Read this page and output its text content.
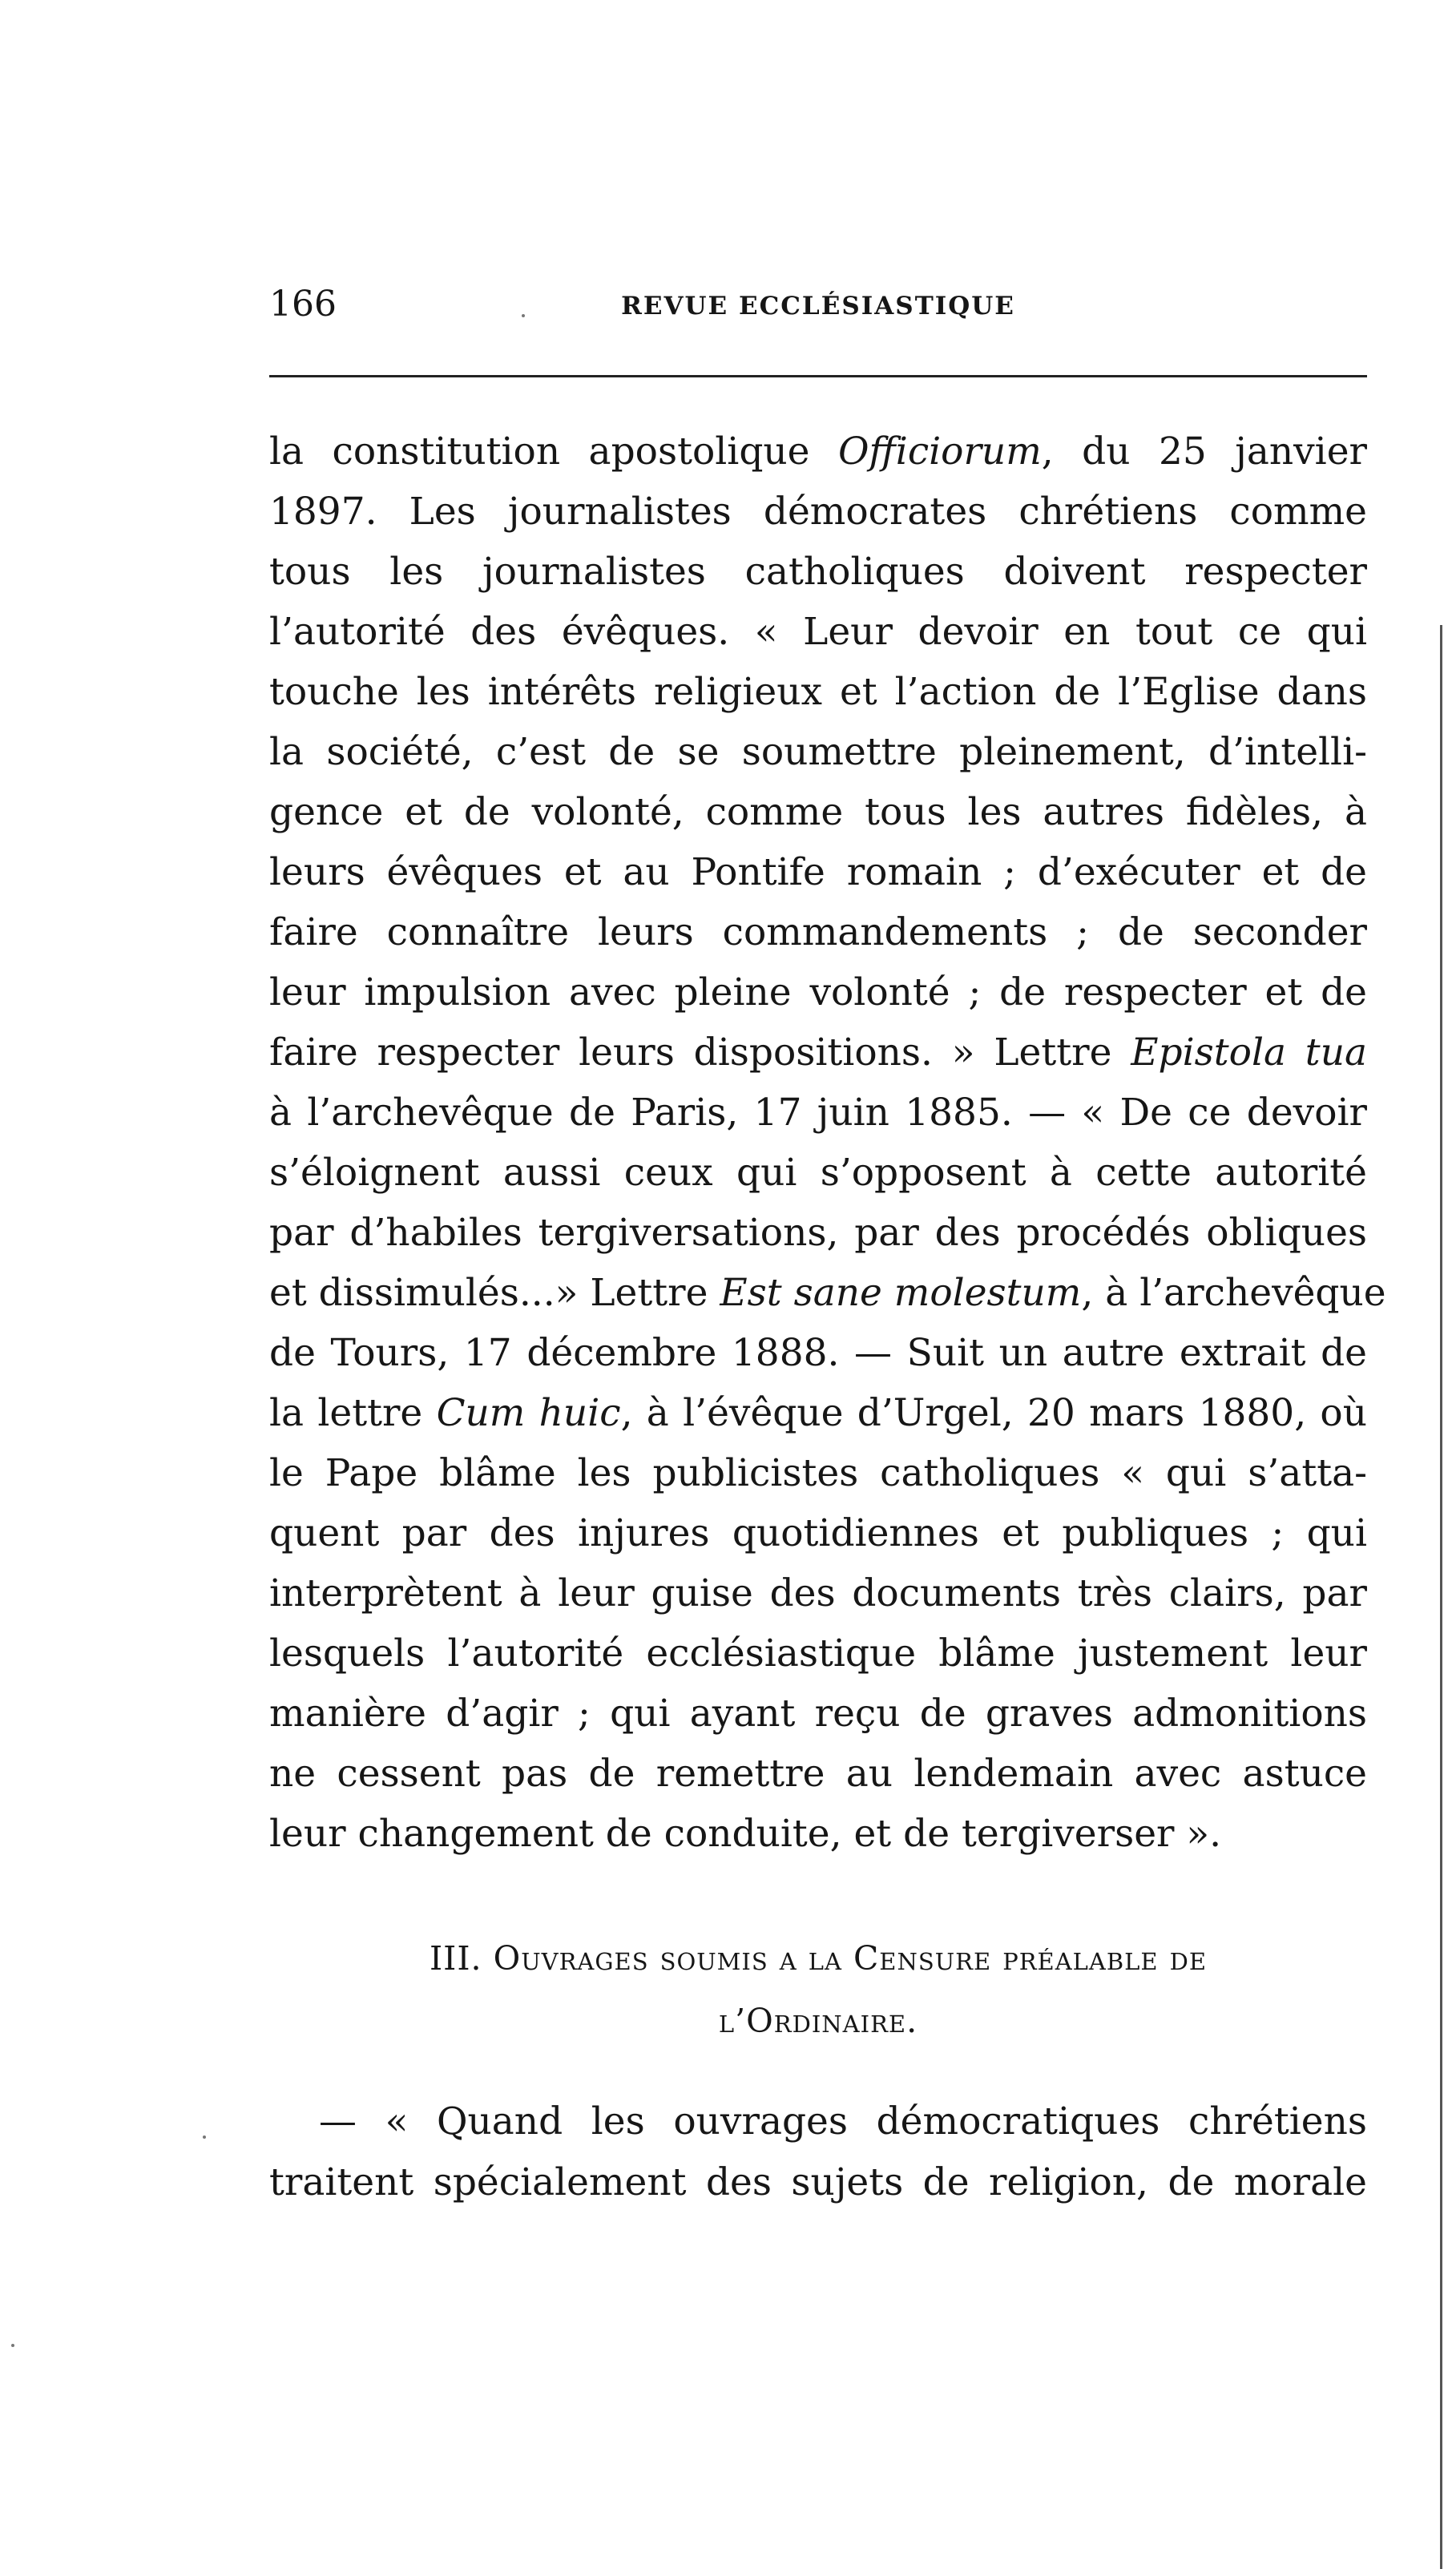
166	REVUE ECCLÉSIASTIQUE
la constitution apostolique Officiorum, du 25 janvier
1897. Les journalistes démocrates chrétiens comme
tous les journalistes catholiques doivent respecter
l’autorité des évêques. « Leur devoir en tout ce qui
touche les intérêts religieux et l’action de l’Eglise dans
la société, c’est de se soumettre pleinement, d’intelli-
gence et de volonté, comme tous les autres fidèles, à
leurs évêques et au Pontife romain ; d’exécuter et de
faire connaître leurs commandements ; de seconder
leur impulsion avec pleine volonté ; de respecter et de
faire respecter leurs dispositions. » Lettre Epistola tua
à l’archevêque de Paris, 17 juin 1885. — « De ce devoir
s’éloignent aussi ceux qui s’opposent à cette autorité
par d’habiles tergiversations, par des procédés obliques
et dissimulés...» Lettre Est sane molestum, à l’archevêque
de Tours, 17 décembre 1888. — Suit un autre extrait de
la lettre Cum huic, à l’évêque d’Urgel, 20 mars 1880, où
le Pape blâme les publicistes catholiques « qui s’atta-
quent par des injures quotidiennes et publiques ; qui
interprètent à leur guise des documents très clairs, par
lesquels l’autorité ecclésiastique blâme justement leur
manière d’agir ; qui ayant reçu de graves admonitions
ne cessent pas de remettre au lendemain avec astuce
leur changement de conduite, et de tergiverser ».
III. Ouvrages soumis a la Censure préalable de
l’Ordinaire.
— « Quand les ouvrages démocratiques chrétiens
traitent spécialement des sujets de religion, de morale
